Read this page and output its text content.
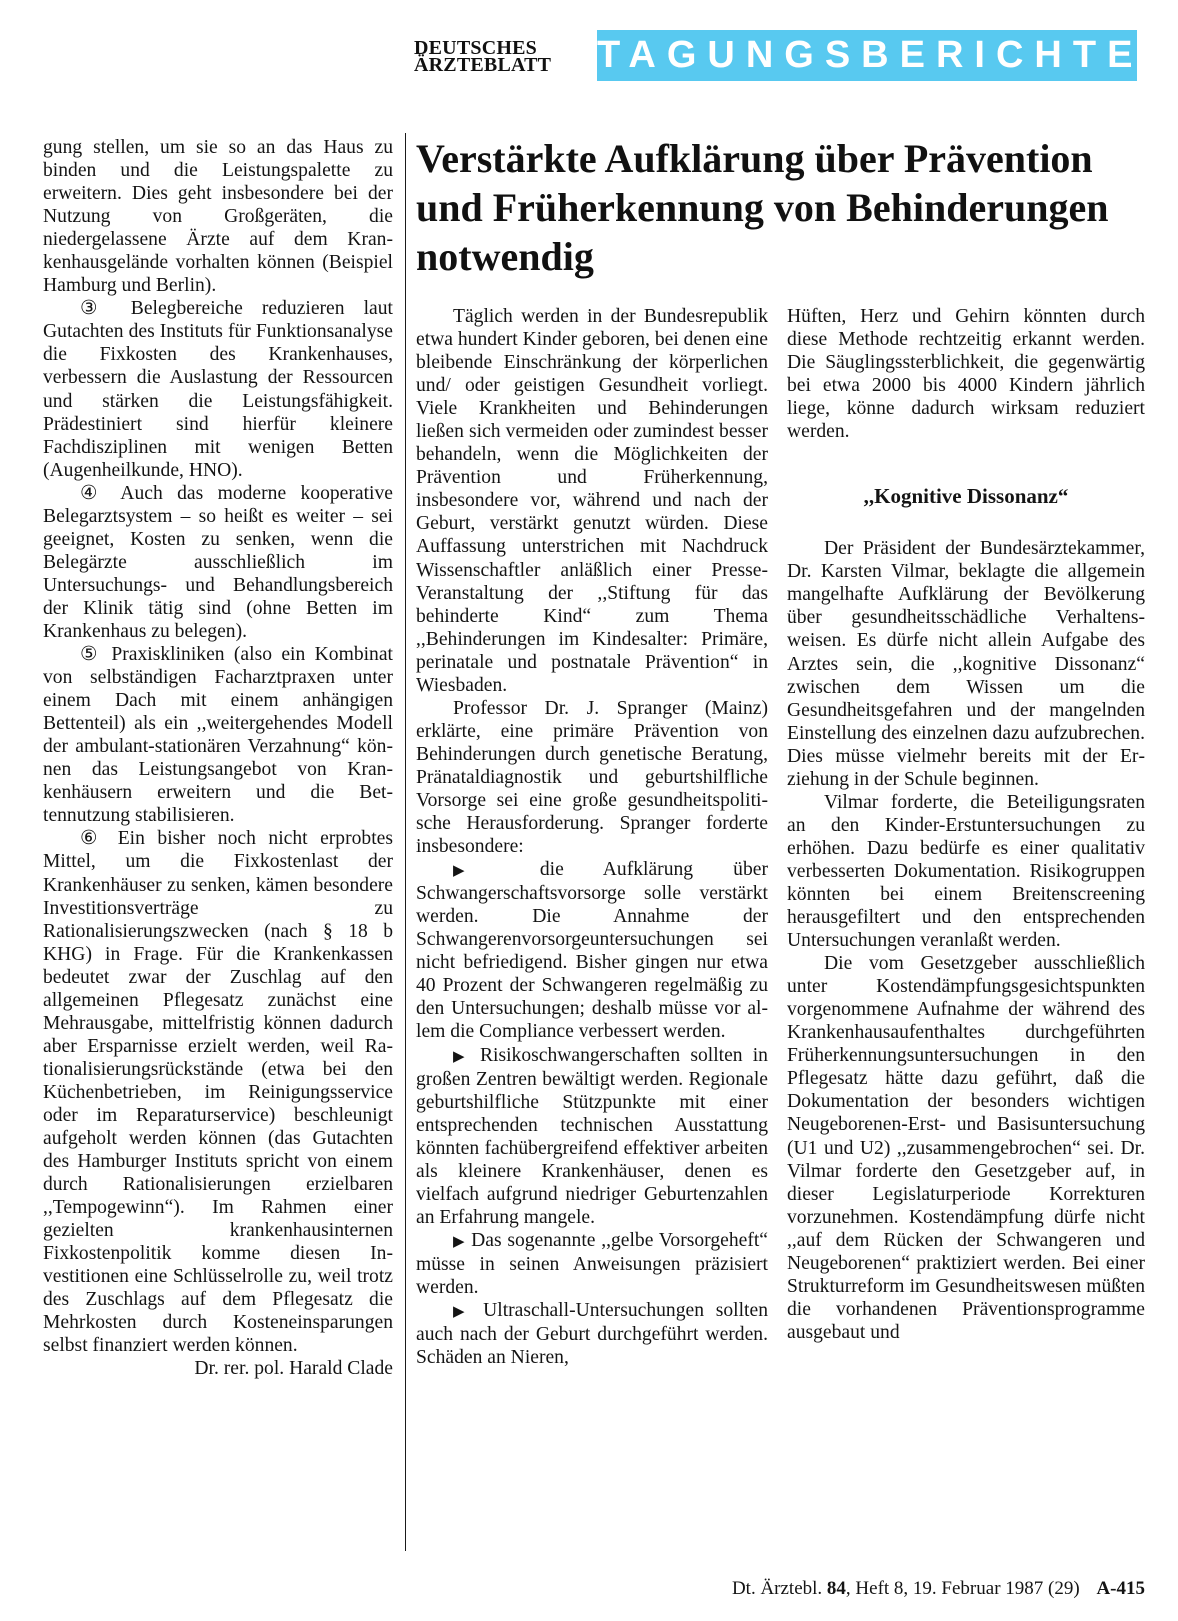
DEUTSCHES
ÄRZTEBLATT	TAGUNGSBERICHTE

gung stellen, um sie so an das Haus zu binden und die Leistungspalette zu erweitern. Dies geht insbesondere bei der Nutzung von Großgeräten, die niedergelassene Ärzte auf dem Krankenhausgelände vorhalten können (Beispiel Hamburg und Berlin).

③ Belegbereiche reduzieren laut Gutachten des Instituts für Funktionsanalyse die Fixkosten des Krankenhauses, verbessern die Auslastung der Ressourcen und stärken die Leistungsfähigkeit. Prädestiniert sind hierfür kleinere Fachdisziplinen mit wenigen Betten (Augenheilkunde, HNO).

④ Auch das moderne kooperative Belegarztsystem – so heißt es weiter – sei geeignet, Kosten zu senken, wenn die Belegärzte ausschließlich im Untersuchungs- und Behandlungsbereich der Klinik tätig sind (ohne Betten im Krankenhaus zu belegen).

⑤ Praxiskliniken (also ein Kombinat von selbständigen Facharztpraxen unter einem Dach mit einem anhängigen Bettenteil) als ein ,,weitergehendes Modell der ambulant-stationären Verzahnung“ können das Leistungsangebot von Krankenhäusern erweitern und die Bettennutzung stabilisieren.

⑥ Ein bisher noch nicht erprobtes Mittel, um die Fixkostenlast der Krankenhäuser zu senken, kämen besondere Investitionsverträge zu Rationalisierungszwecken (nach § 18 b KHG) in Frage. Für die Krankenkassen bedeutet zwar der Zuschlag auf den allgemeinen Pflegesatz zunächst eine Mehrausgabe, mittelfristig können dadurch aber Ersparnisse erzielt werden, weil Rationalisierungsrückstände (etwa bei den Küchenbetrieben, im Reinigungsservice oder im Reparaturservice) beschleunigt aufgeholt werden können (das Gutachten des Hamburger Instituts spricht von einem durch Rationalisierungen erzielbaren ,,Tempogewinn“). Im Rahmen einer gezielten krankenhausinternen Fixkostenpolitik komme diesen Investitionen eine Schlüsselrolle zu, weil trotz des Zuschlags auf dem Pflegesatz die Mehrkosten durch Kosteneinsparungen selbst finanziert werden können.

Dr. rer. pol. Harald Clade

Verstärkte Aufklärung über Prävention und Früherkennung von Behinderungen notwendig

Täglich werden in der Bundesrepublik etwa hundert Kinder geboren, bei denen eine bleibende Einschränkung der körperlichen und/ oder geistigen Gesundheit vorliegt. Viele Krankheiten und Behinderungen ließen sich vermeiden oder zumindest besser behandeln, wenn die Möglichkeiten der Prävention und Früherkennung, insbesondere vor, während und nach der Geburt, verstärkt genutzt würden. Diese Auffassung unterstrichen mit Nachdruck Wissenschaftler anläßlich einer Presse-Veranstaltung der ,,Stiftung für das behinderte Kind“ zum Thema ,,Behinderungen im Kindesalter: Primäre, perinatale und postnatale Prävention“ in Wiesbaden.

Professor Dr. J. Spranger (Mainz) erklärte, eine primäre Prävention von Behinderungen durch genetische Beratung, Pränataldiagnostik und geburtshilfliche Vorsorge sei eine große gesundheitspolitische Herausforderung. Spranger forderte insbesondere:

▶ die Aufklärung über Schwangerschaftsvorsorge solle verstärkt werden. Die Annahme der Schwangerenvorsorgeuntersuchungen sei nicht befriedigend. Bisher gingen nur etwa 40 Prozent der Schwangeren regelmäßig zu den Untersuchungen; deshalb müsse vor allem die Compliance verbessert werden.

▶ Risikoschwangerschaften sollten in großen Zentren bewältigt werden. Regionale geburtshilfliche Stützpunkte mit einer entsprechenden technischen Ausstattung könnten fachübergreifend effektiver arbeiten als kleinere Krankenhäuser, denen es vielfach aufgrund niedriger Geburtenzahlen an Erfahrung mangele.

▶ Das sogenannte ,,gelbe Vorsorgeheft“ müsse in seinen Anweisungen präzisiert werden.

▶ Ultraschall-Untersuchungen sollten auch nach der Geburt durchgeführt werden. Schäden an Nieren,

Hüften, Herz und Gehirn könnten durch diese Methode rechtzeitig erkannt werden. Die Säuglingssterblichkeit, die gegenwärtig bei etwa 2000 bis 4000 Kindern jährlich liege, könne dadurch wirksam reduziert werden.

,,Kognitive Dissonanz“

Der Präsident der Bundesärztekammer, Dr. Karsten Vilmar, beklagte die allgemein mangelhafte Aufklärung der Bevölkerung über gesundheitsschädliche Verhaltensweisen. Es dürfe nicht allein Aufgabe des Arztes sein, die ,,kognitive Dissonanz“ zwischen dem Wissen um die Gesundheitsgefahren und der mangelnden Einstellung des einzelnen dazu aufzubrechen. Dies müsse vielmehr bereits mit der Erziehung in der Schule beginnen.

Vilmar forderte, die Beteiligungsraten an den Kinder-Erstuntersuchungen zu erhöhen. Dazu bedürfe es einer qualitativ verbesserten Dokumentation. Risikogruppen könnten bei einem Breitenscreening herausgefiltert und den entsprechenden Untersuchungen veranlaßt werden.

Die vom Gesetzgeber ausschließlich unter Kostendämpfungsgesichtspunkten vorgenommene Aufnahme der während des Krankenhausaufenthaltes durchgeführten Früherkennungsuntersuchungen in den Pflegesatz hätte dazu geführt, daß die Dokumentation der besonders wichtigen Neugeborenen-Erst- und Basisuntersuchung (U1 und U2) ,,zusammengebrochen“ sei. Dr. Vilmar forderte den Gesetzgeber auf, in dieser Legislaturperiode Korrekturen vorzunehmen. Kostendämpfung dürfe nicht ,,auf dem Rücken der Schwangeren und Neugeborenen“ praktiziert werden. Bei einer Strukturreform im Gesundheitswesen müßten die vorhandenen Präventionsprogramme ausgebaut und

Dt. Ärztebl. 84, Heft 8, 19. Februar 1987 (29) A-415
